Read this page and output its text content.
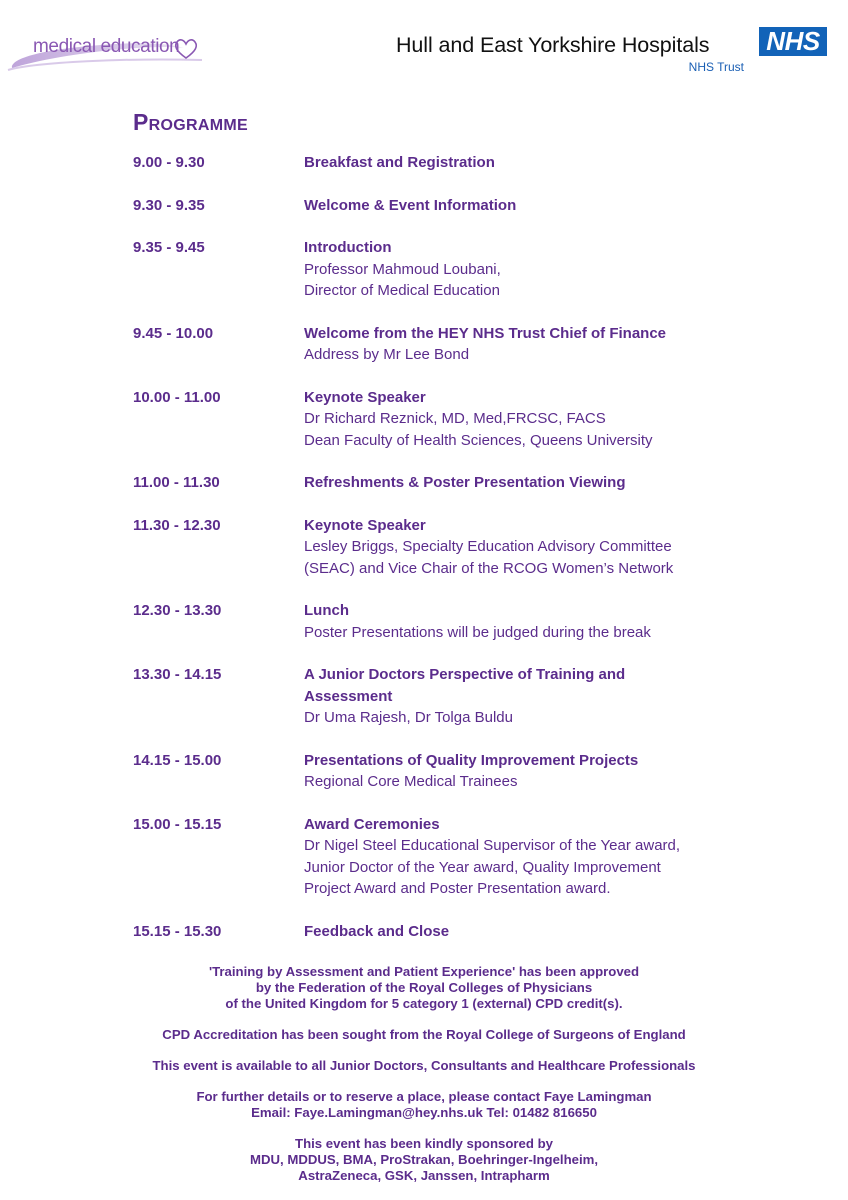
medical education	Hull and East Yorkshire Hospitals
NHS Trust
NHS
Programme
9.00 - 9.30	Breakfast and Registration
9.30 - 9.35	Welcome & Event Information
9.35 - 9.45	Introduction
Professor Mahmoud Loubani,
Director of Medical Education
9.45 - 10.00	Welcome from the HEY NHS Trust Chief of Finance
Address by Mr Lee Bond
10.00 - 11.00	Keynote Speaker
Dr Richard Reznick, MD, Med,FRCSC, FACS
Dean Faculty of Health Sciences, Queens University
11.00 - 11.30	Refreshments & Poster Presentation Viewing
11.30 - 12.30	Keynote Speaker
Lesley Briggs, Specialty Education Advisory Committee
(SEAC) and Vice Chair of the RCOG Women’s Network
12.30 - 13.30	Lunch
Poster Presentations will be judged during the break
13.30 - 14.15	A Junior Doctors Perspective of Training and
Assessment
Dr Uma Rajesh, Dr Tolga Buldu
14.15 - 15.00	Presentations of Quality Improvement Projects
Regional Core Medical Trainees
15.00 - 15.15	Award Ceremonies
Dr Nigel Steel Educational Supervisor of the Year award,
Junior Doctor of the Year award, Quality Improvement
Project Award and Poster Presentation award.
15.15 - 15.30	Feedback and Close
'Training by Assessment and Patient Experience' has been approved
by the Federation of the Royal Colleges of Physicians
of the United Kingdom for 5 category 1 (external) CPD credit(s).
CPD Accreditation has been sought from the Royal College of Surgeons of England
This event is available to all Junior Doctors, Consultants and Healthcare Professionals
For further details or to reserve a place, please contact Faye Lamingman
Email: Faye.Lamingman@hey.nhs.uk Tel: 01482 816650
This event has been kindly sponsored by
MDU, MDDUS, BMA, ProStrakan, Boehringer-Ingelheim,
AstraZeneca, GSK, Janssen, Intrapharm
